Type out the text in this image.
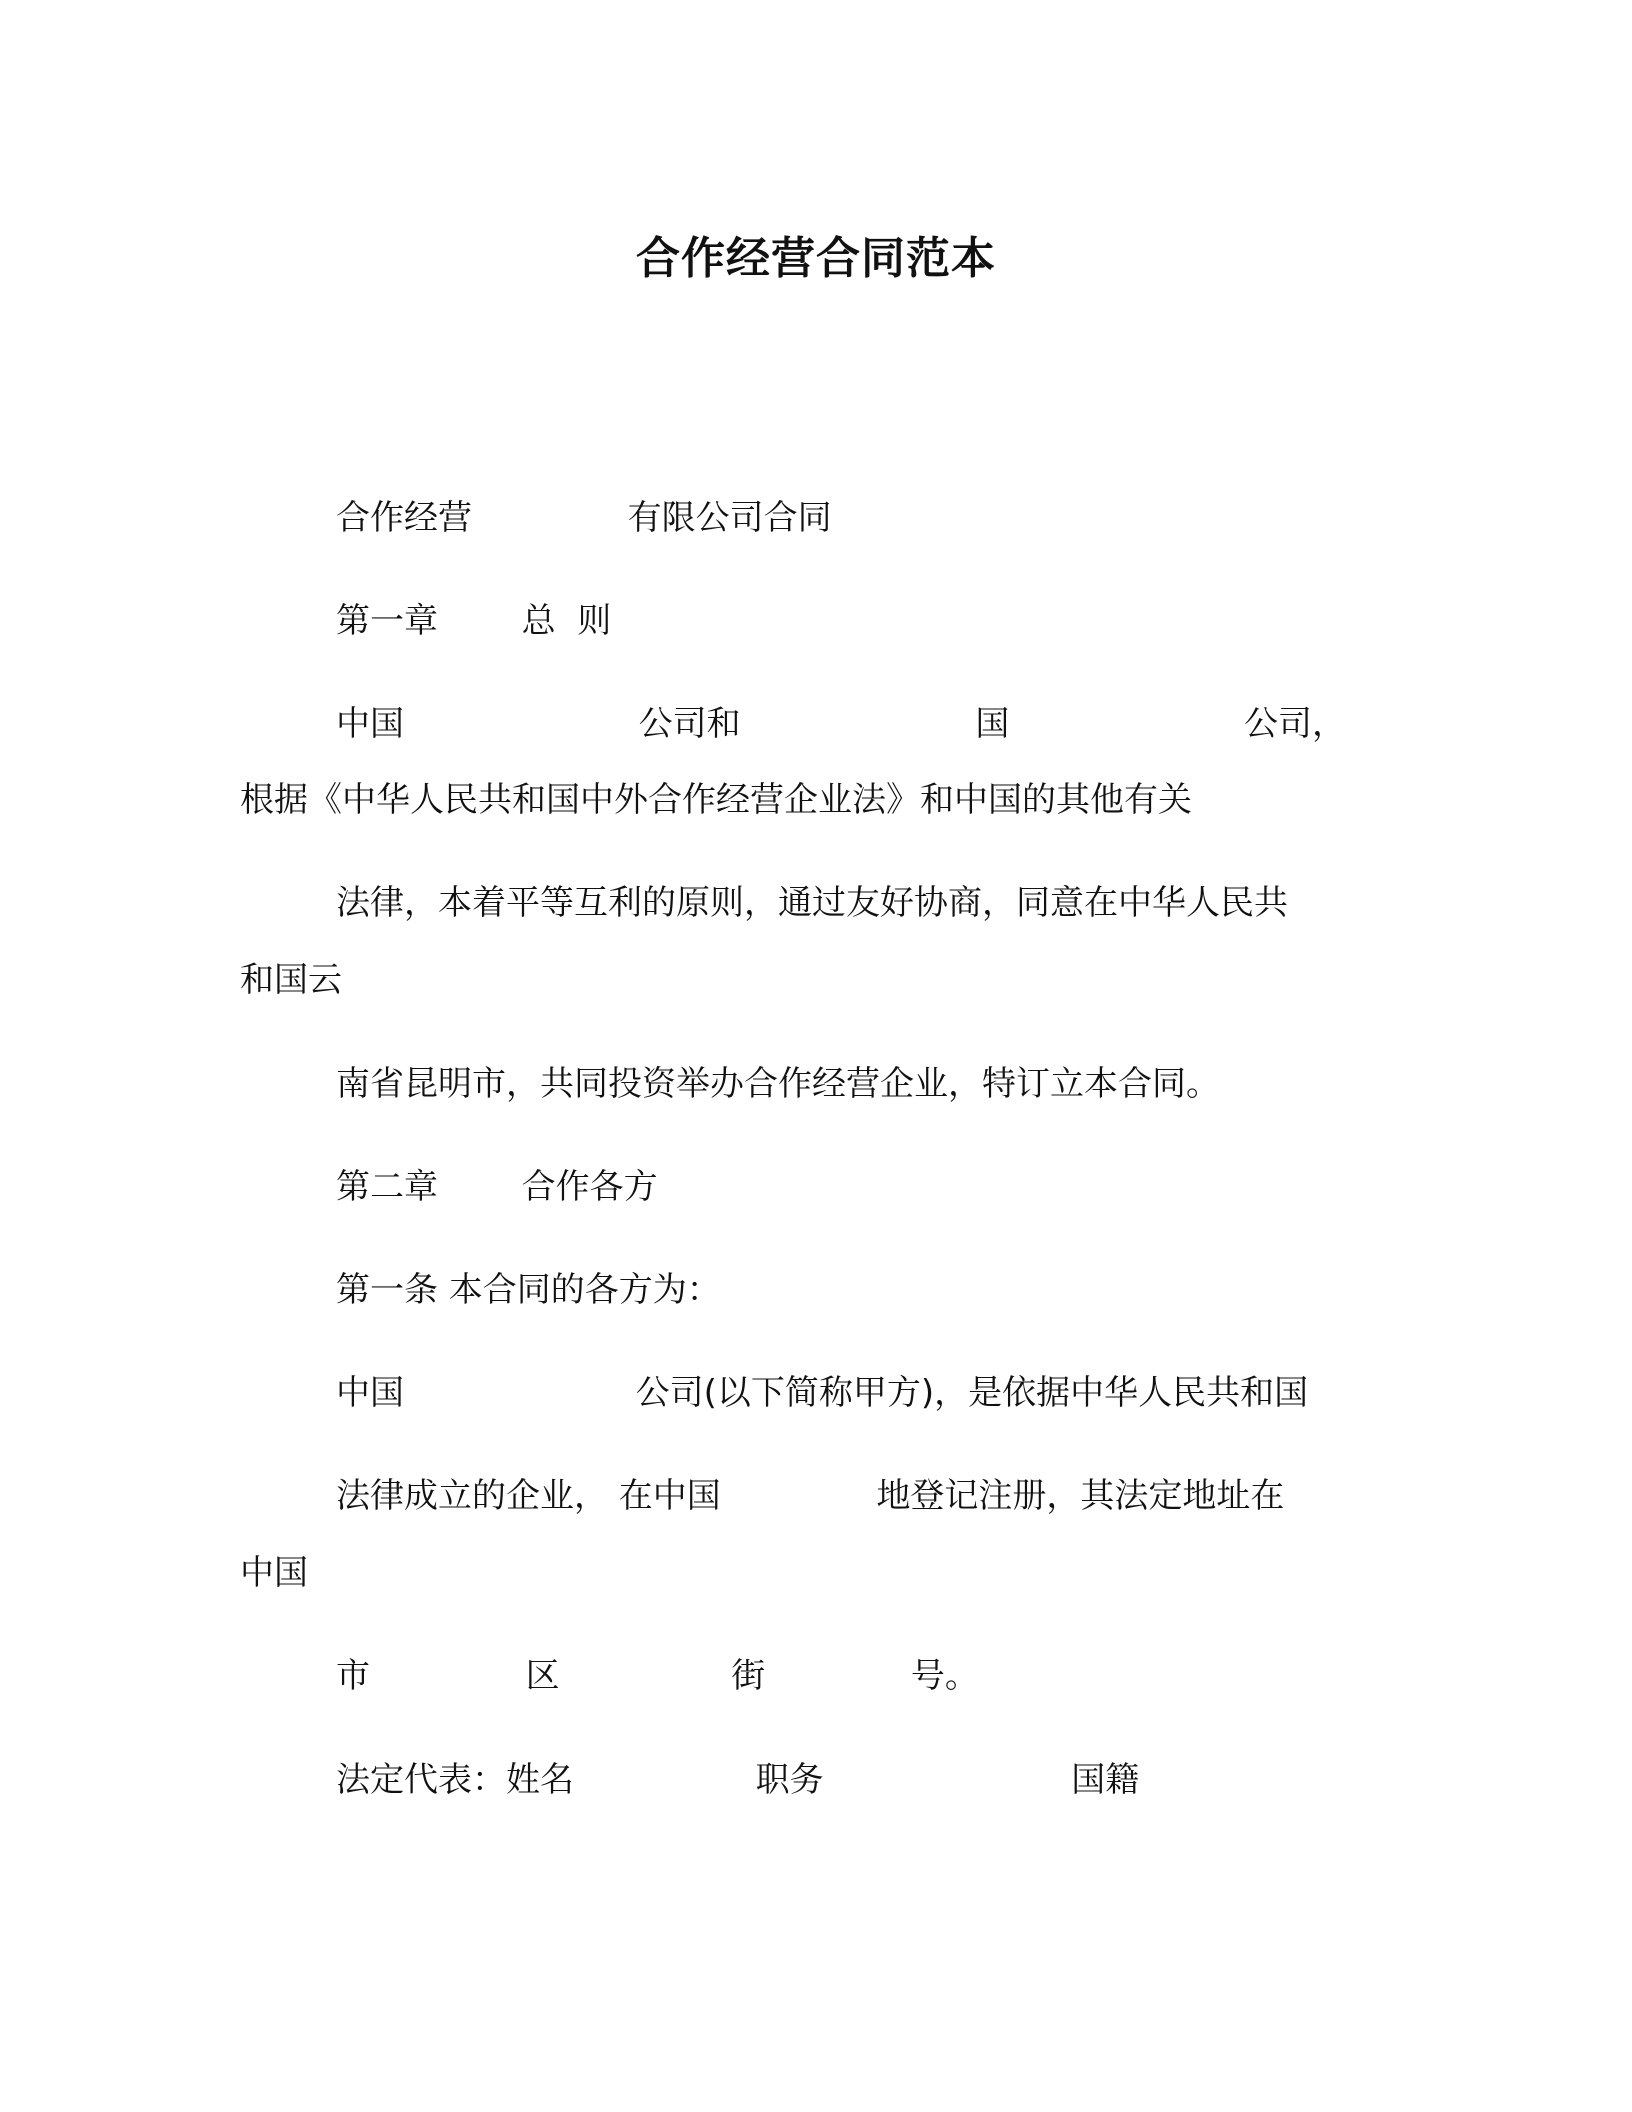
合作经营合同范本
合作经营	有限公司合同
第一章 总  则
中国	公司和	国	公司，
根据《中华人民共和国中外合作经营企业法》和中国的其他有关
法律，本着平等互利的原则，通过友好协商，同意在中华人民共
和国云
南省昆明市，共同投资举办合作经营企业，特订立本合同。
第二章 合作各方
第一条 本合同的各方为：
中国	公司(以下简称甲方)，是依据中华人民共和国
法律成立的企业， 在中国	地登记注册，其法定地址在
中国
市	区	街	号。
法定代表：姓名	职务	国籍
